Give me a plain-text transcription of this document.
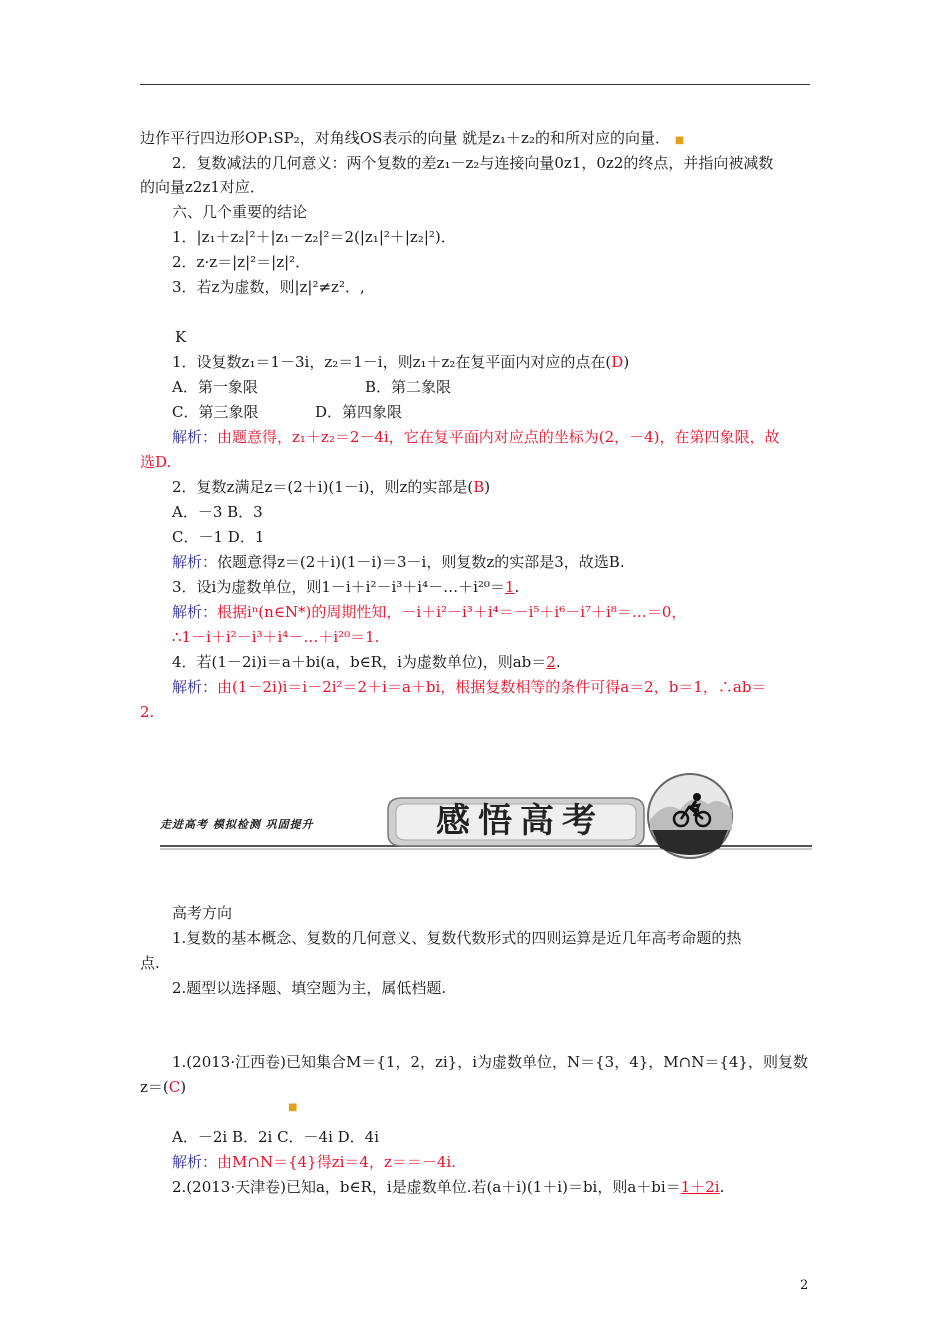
边作平行四边形OP₁SP₂，对角线OS表示的向量 就是z₁＋z₂的和所对应的向量． ■
2．复数减法的几何意义：两个复数的差z₁－z₂与连接向量0z1，0z2的终点，并指向被减数
的向量z2z1对应．
六、几个重要的结论
1．|z₁＋z₂|²＋|z₁－z₂|²＝2(|z₁|²＋|z₂|²)．
2．z·z＝|z|²＝|z|²．
3．若z为虚数，则|z|²≠z²．,
K
1．设复数z₁＝1－3i，z₂＝1－i，则z₁＋z₂在复平面内对应的点在(D)
A．第一象限	B．第二象限
C．第三象限	D．第四象限
解析：由题意得，z₁＋z₂＝2－4i，它在复平面内对应点的坐标为(2，－4)，在第四象限，故
选D.
2．复数z满足z＝(2＋i)(1－i)，则z的实部是(B)
A．－3 B．3
C．－1 D．1
解析：依题意得z＝(2＋i)(1－i)＝3－i，则复数z的实部是3，故选B.
3．设i为虚数单位，则1－i＋i²－i³＋i⁴－…＋i²⁰＝1.
解析：根据iⁿ(n∈N*)的周期性知，－i＋i²－i³＋i⁴＝－i⁵＋i⁶－i⁷＋i⁸＝…＝0，
∴1－i＋i²－i³＋i⁴－…＋i²⁰＝1.
4．若(1－2i)i＝a＋bi(a，b∈R，i为虚数单位)，则ab＝2.
解析：由(1－2i)i＝i－2i²＝2＋i＝a＋bi，根据复数相等的条件可得a＝2，b＝1，∴ab＝
2.
走进高考 模拟检测 巩固提升	感悟高考
高考方向
1.复数的基本概念、复数的几何意义、复数代数形式的四则运算是近几年高考命题的热
点.
2.题型以选择题、填空题为主，属低档题.
1.(2013·江西卷)已知集合M＝{1，2，zi}，i为虚数单位，N＝{3，4}，M∩N＝{4}，则复数
z＝(C)
■
A．－2i B．2i C．－4i D．4i
解析：由M∩N＝{4}得zi＝4，z＝＝－4i.
2.(2013·天津卷)已知a，b∈R，i是虚数单位.若(a＋i)(1＋i)＝bi，则a＋bi＝1＋2i.
2
